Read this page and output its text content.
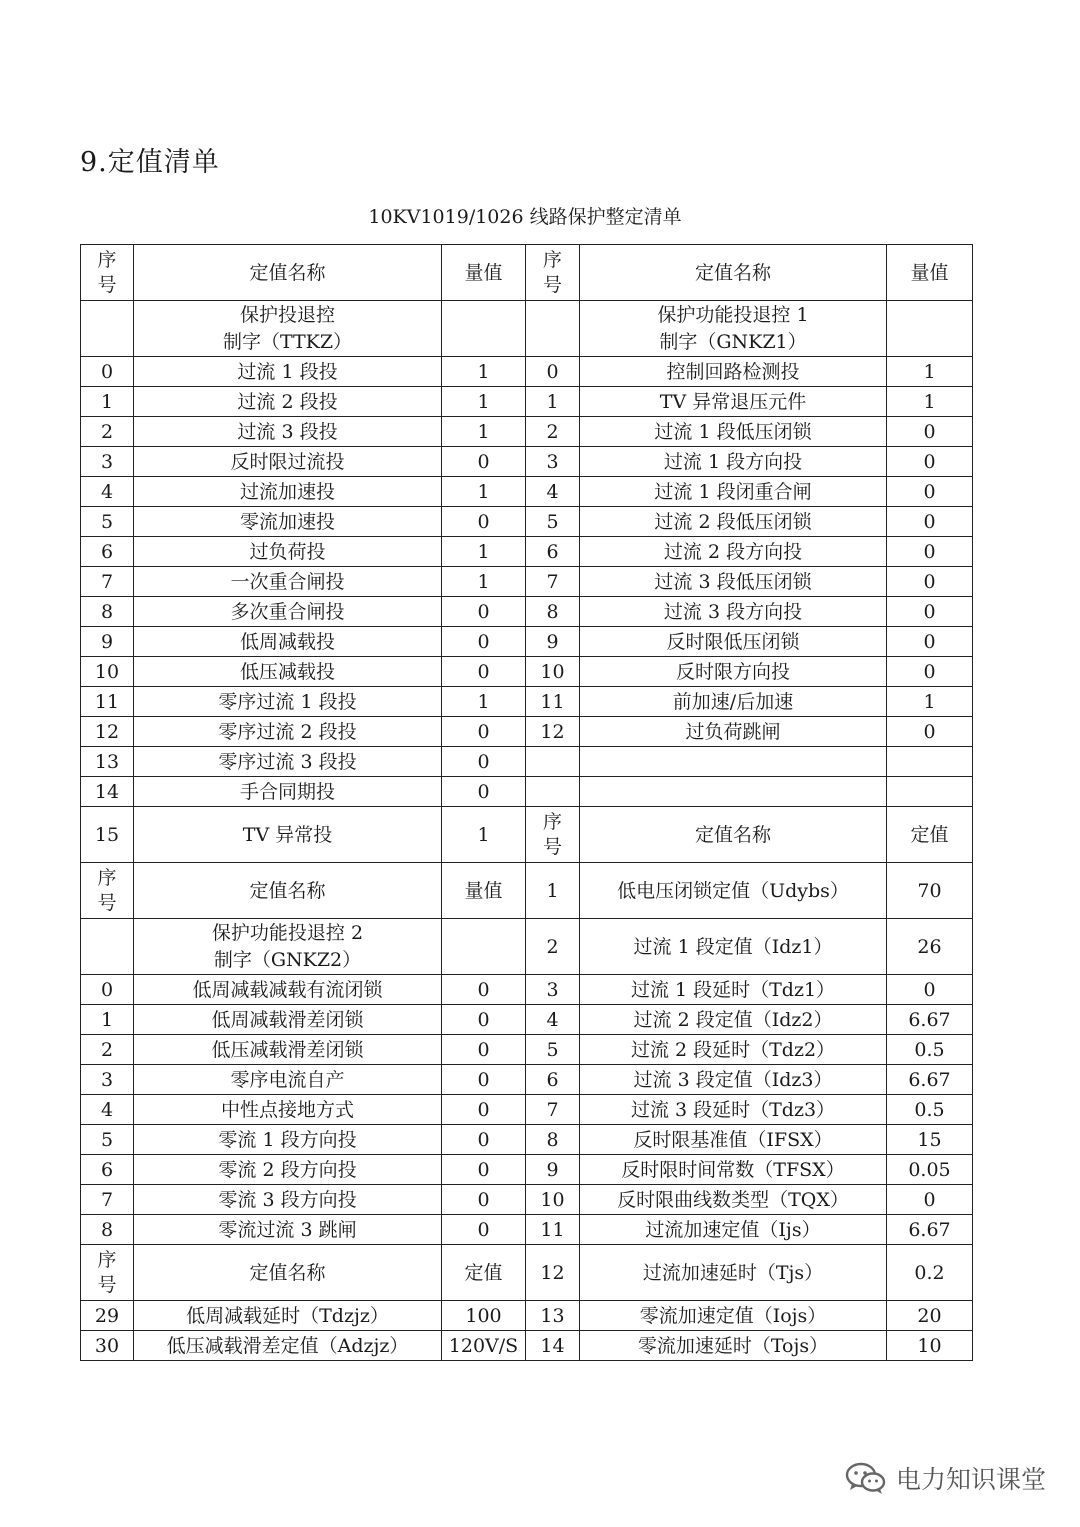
9.定值清单
10KV1019/1026 线路保护整定清单
序号	定值名称	量值	序号	定值名称	量值
	保护投退控
制字（TTKZ）			保护功能投退控 1
制字（GNKZ1）	
0	过流 1 段投	1	0	控制回路检测投	1
1	过流 2 段投	1	1	TV 异常退压元件	1
2	过流 3 段投	1	2	过流 1 段低压闭锁	0
3	反时限过流投	0	3	过流 1 段方向投	0
4	过流加速投	1	4	过流 1 段闭重合闸	0
5	零流加速投	0	5	过流 2 段低压闭锁	0
6	过负荷投	1	6	过流 2 段方向投	0
7	一次重合闸投	1	7	过流 3 段低压闭锁	0
8	多次重合闸投	0	8	过流 3 段方向投	0
9	低周减载投	0	9	反时限低压闭锁	0
10	低压减载投	0	10	反时限方向投	0
11	零序过流 1 段投	1	11	前加速/后加速	1
12	零序过流 2 段投	0	12	过负荷跳闸	0
13	零序过流 3 段投	0			
14	手合同期投	0			
15	TV 异常投	1	序号	定值名称	定值
序号	定值名称	量值	1	低电压闭锁定值（Udybs）	70
	保护功能投退控 2
制字（GNKZ2）		2	过流 1 段定值（Idz1）	26
0	低周减载减载有流闭锁	0	3	过流 1 段延时（Tdz1）	0
1	低周减载滑差闭锁	0	4	过流 2 段定值（Idz2）	6.67
2	低压减载滑差闭锁	0	5	过流 2 段延时（Tdz2）	0.5
3	零序电流自产	0	6	过流 3 段定值（Idz3）	6.67
4	中性点接地方式	0	7	过流 3 段延时（Tdz3）	0.5
5	零流 1 段方向投	0	8	反时限基准值（IFSX）	15
6	零流 2 段方向投	0	9	反时限时间常数（TFSX）	0.05
7	零流 3 段方向投	0	10	反时限曲线数类型（TQX）	0
8	零流过流 3 跳闸	0	11	过流加速定值（Ijs）	6.67
序号	定值名称	定值	12	过流加速延时（Tjs）	0.2
29	低周减载延时（Tdzjz）	100	13	零流加速定值（Iojs）	20
30	低压减载滑差定值（Adzjz）	120V/S	14	零流加速延时（Tojs）	10
电力知识课堂
